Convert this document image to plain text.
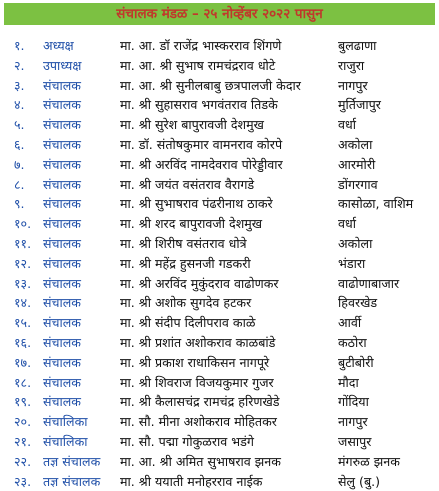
संचालक मंडळ – २५ नोव्हेंबर २०२२ पासुन
१.	अध्यक्ष	मा. आ. डॉ राजेंद्र भास्करराव शिंगणे	बुलढाणा
२.	उपाध्यक्ष	मा. आ. श्री सुभाष रामचंद्रराव धोटे	राजुरा
३.	संचालक	मा. आ. श्री सुनीलबाबु छत्रपालजी केदार	नागपुर
४.	संचालक	मा. श्री सुहासराव भगवंतराव तिडके	मुर्तिजापुर
५.	संचालक	मा. श्री सुरेश बापुरावजी देशमुख	वर्धा
६.	संचालक	मा. डॉ. संतोषकुमार वामनराव कोरपे	अकोला
७.	संचालक	मा. श्री अरविंद नामदेवराव पोरेड्डीवार	आरमोरी
८.	संचालक	मा. श्री जयंत वसंतराव वैरागडे	डोंगरगाव
९.	संचालक	मा. श्री सुभाषराव पंढरीनाथ ठाकरे	कासोळा, वाशिम
१०. संचालक	मा. श्री शरद बापुरावजी देशमुख	वर्धा
११. संचालक	मा. श्री शिरीष वसंतराव धोत्रे	अकोला
१२. संचालक	मा. श्री महेंद्र हुसनजी गडकरी	भंडारा
१३. संचालक	मा. श्री अरविंद मुकुंदराव वाढोणकर	वाढोणाबाजार
१४. संचालक	मा. श्री अशोक सुगदेव हटकर	हिवरखेड
१५. संचालक	मा. श्री संदीप दिलीपराव काळे	आर्वी
१६. संचालक	मा. श्री प्रशांत अशोकराव काळबांडे	कठोरा
१७. संचालक	मा. श्री प्रकाश राधाकिसन नागपूरे	बुटीबोरी
१८. संचालक	मा. श्री शिवराज विजयकुमार गुजर	मौदा
१९. संचालक	मा. श्री कैलासचंद्र रामचंद्र हरिणखेडे	गोंदिया
२०. संचालिका	मा. सौ. मीना अशोकराव मोहितकर	नागपुर
२१. संचालिका	मा. सौ. पद्मा गोकुळराव भडंगे	जसापुर
२२. तज्ञ संचालक मा. आ. श्री अमित सुभाषराव झनक	मंगरुळ झनक
२३. तज्ञ संचालक मा. श्री ययाती मनोहरराव नाईक	सेलु (बु.)
